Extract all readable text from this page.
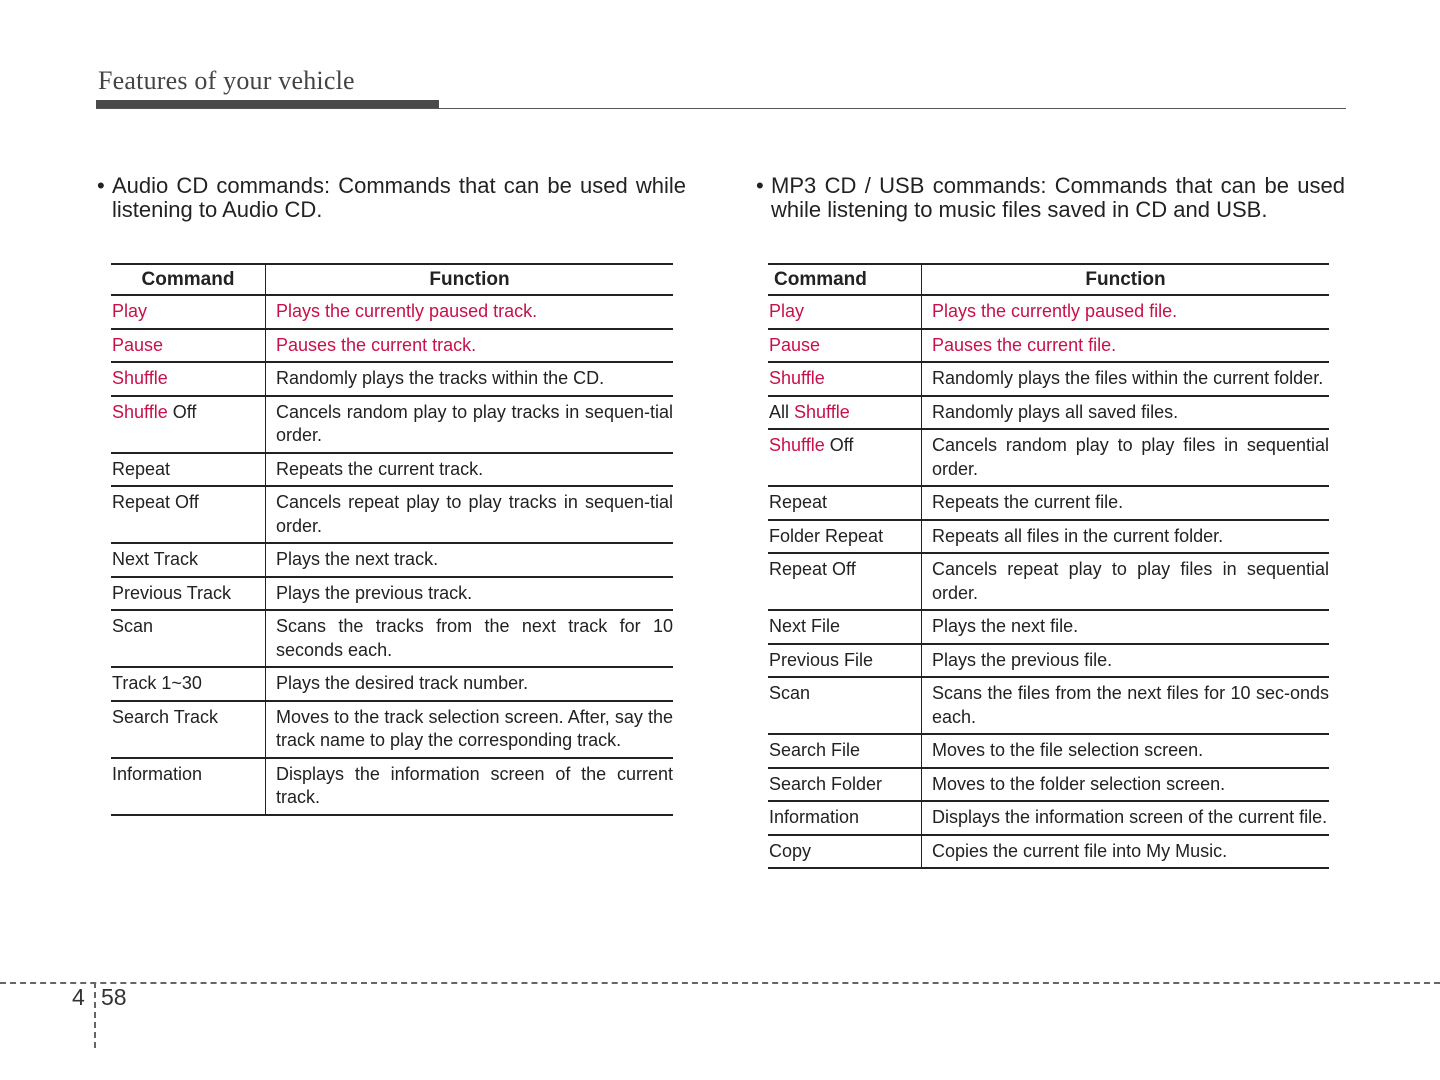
Features of your vehicle
• Audio CD commands: Commands that can be used while listening to Audio CD.
• MP3 CD / USB commands: Commands that can be used while listening to music files saved in CD and USB.
Command	Function
Play	Plays the currently paused track.
Pause	Pauses the current track.
Shuffle	Randomly plays the tracks within the CD.
Shuffle Off	Cancels random play to play tracks in sequen-tial order.
Repeat	Repeats the current track.
Repeat Off	Cancels repeat play to play tracks in sequen-tial order.
Next Track	Plays the next track.
Previous Track	Plays the previous track.
Scan	Scans the tracks from the next track for 10 seconds each.
Track 1~30	Plays the desired track number.
Search Track	Moves to the track selection screen. After, say the track name to play the corresponding track.
Information	Displays the information screen of the current track.
Command	Function
Play	Plays the currently paused file.
Pause	Pauses the current file.
Shuffle	Randomly plays the files within the current folder.
All Shuffle	Randomly plays all saved files.
Shuffle Off	Cancels random play to play files in sequential order.
Repeat	Repeats the current file.
Folder Repeat	Repeats all files in the current folder.
Repeat Off	Cancels repeat play to play files in sequential order.
Next File	Plays the next file.
Previous File	Plays the previous file.
Scan	Scans the files from the next files for 10 sec-onds each.
Search File	Moves to the file selection screen.
Search Folder	Moves to the folder selection screen.
Information	Displays the information screen of the current file.
Copy	Copies the current file into My Music.
4 58
